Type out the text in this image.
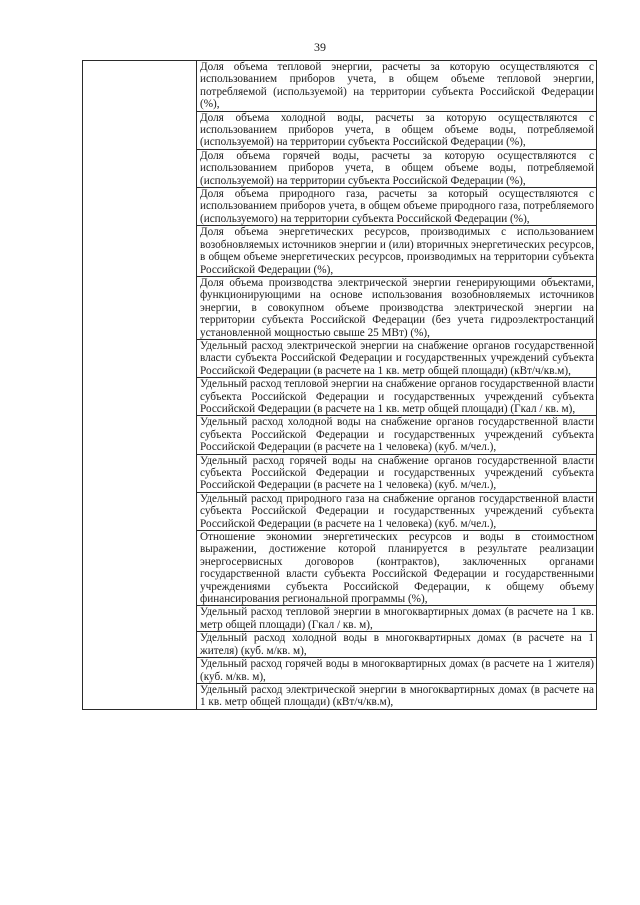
39
	Доля объема тепловой энергии, расчеты за которую осуществляются с использованием приборов учета, в общем объеме тепловой энергии, потребляемой (используемой) на территории субъекта Российской Федерации (%),
Доля объема холодной воды, расчеты за которую осуществляются с использованием приборов учета, в общем объеме воды, потребляемой (используемой) на территории субъекта Российской Федерации (%),
Доля объема горячей воды, расчеты за которую осуществляются с использованием приборов учета, в общем объеме воды, потребляемой (используемой) на территории субъекта Российской Федерации (%),
Доля объема природного газа, расчеты за который осуществляются с использованием приборов учета, в общем объеме природного газа, потребляемого (используемого) на территории субъекта Российской Федерации (%),
Доля объема энергетических ресурсов, производимых с использованием возобновляемых источников энергии и (или) вторичных энергетических ресурсов, в общем объеме энергетических ресурсов, производимых на территории субъекта Российской Федерации (%),
Доля объема производства электрической энергии генерирующими объектами, функционирующими на основе использования возобновляемых источников энергии, в совокупном объеме производства электрической энергии на территории субъекта Российской Федерации (без учета гидроэлектростанций установленной мощностью свыше 25 МВт) (%),
Удельный расход электрической энергии на снабжение органов государственной власти субъекта Российской Федерации и государственных учреждений субъекта Российской Федерации (в расчете на 1 кв. метр общей площади) (кВт/ч/кв.м),
Удельный расход тепловой энергии на снабжение органов государственной власти субъекта Российской Федерации и государственных учреждений субъекта Российской Федерации (в расчете на 1 кв. метр общей площади) (Гкал / кв. м),
Удельный расход холодной воды на снабжение органов государственной власти субъекта Российской Федерации и государственных учреждений субъекта Российской Федерации (в расчете на 1 человека) (куб. м/чел.),
Удельный расход горячей воды на снабжение органов государственной власти субъекта Российской Федерации и государственных учреждений субъекта Российской Федерации (в расчете на 1 человека) (куб. м/чел.),
Удельный расход природного газа на снабжение органов государственной власти субъекта Российской Федерации и государственных учреждений субъекта Российской Федерации (в расчете на 1 человека) (куб. м/чел.),
Отношение экономии энергетических ресурсов и воды в стоимостном выражении, достижение которой планируется в результате реализации энергосервисных договоров (контрактов), заключенных органами государственной власти субъекта Российской Федерации и государственными учреждениями субъекта Российской Федерации, к общему объему финансирования региональной программы (%),
Удельный расход тепловой энергии в многоквартирных домах (в расчете на 1 кв. метр общей площади) (Гкал / кв. м),
Удельный расход холодной воды в многоквартирных домах (в расчете на 1 жителя) (куб. м/кв. м),
Удельный расход горячей воды в многоквартирных домах (в расчете на 1 жителя) (куб. м/кв. м),
Удельный расход электрической энергии в многоквартирных домах (в расчете на 1 кв. метр общей площади) (кВт/ч/кв.м),
